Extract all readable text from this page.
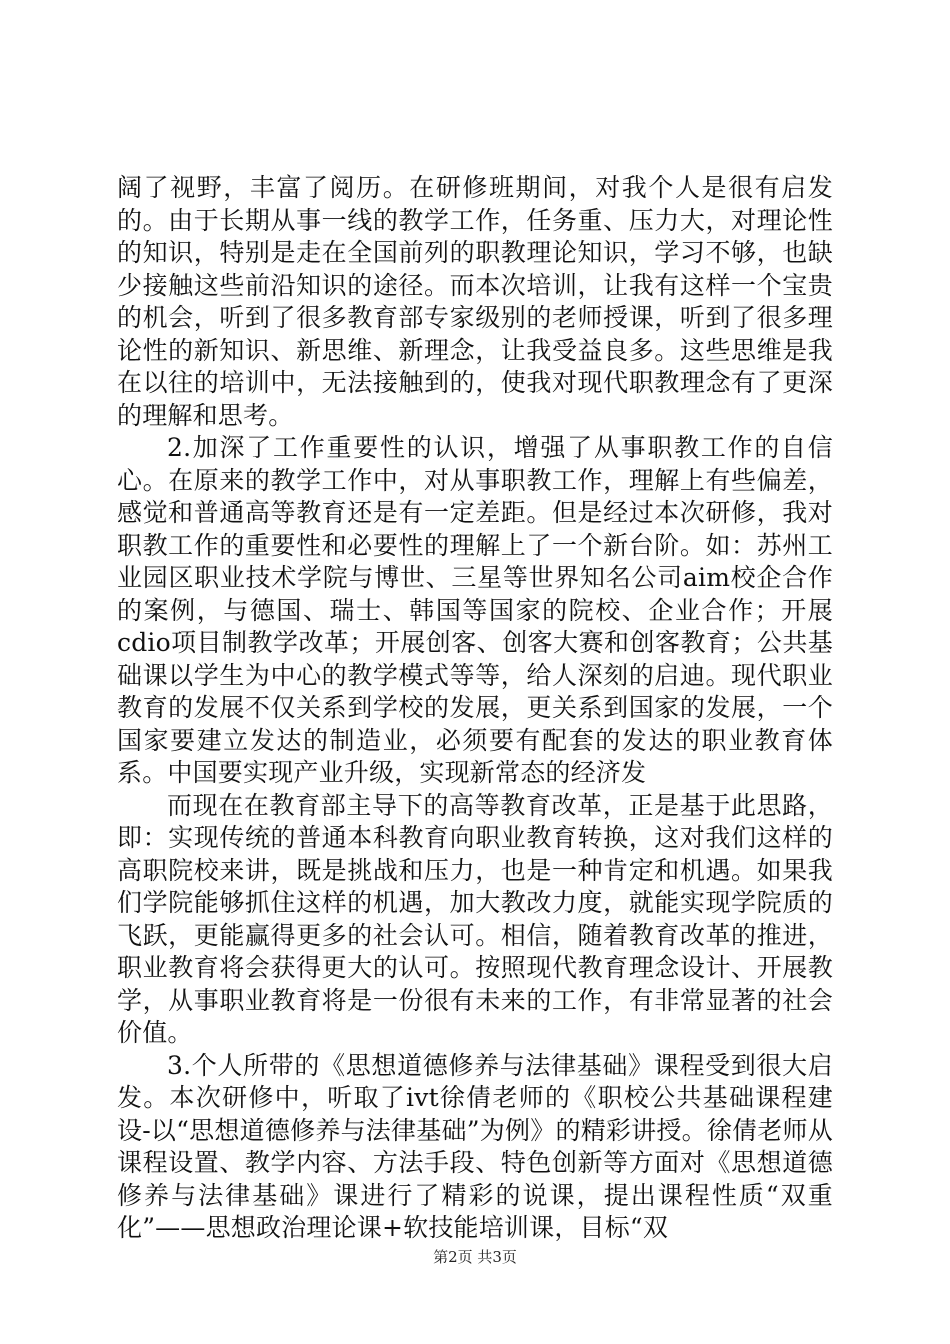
阔了视野，丰富了阅历。在研修班期间，对我个人是很有启发的。由于长期从事一线的教学工作，任务重、压力大，对理论性的知识，特别是走在全国前列的职教理论知识，学习不够，也缺少接触这些前沿知识的途径。而本次培训，让我有这样一个宝贵的机会，听到了很多教育部专家级别的老师授课，听到了很多理论性的新知识、新思维、新理念，让我受益良多。这些思维是我在以往的培训中，无法接触到的，使我对现代职教理念有了更深的理解和思考。

2.加深了工作重要性的认识，增强了从事职教工作的自信心。在原来的教学工作中，对从事职教工作，理解上有些偏差，感觉和普通高等教育还是有一定差距。但是经过本次研修，我对职教工作的重要性和必要性的理解上了一个新台阶。如：苏州工业园区职业技术学院与博世、三星等世界知名公司aim校企合作的案例，与德国、瑞士、韩国等国家的院校、企业合作；开展cdio项目制教学改革；开展创客、创客大赛和创客教育；公共基础课以学生为中心的教学模式等等，给人深刻的启迪。现代职业教育的发展不仅关系到学校的发展，更关系到国家的发展，一个国家要建立发达的制造业，必须要有配套的发达的职业教育体系。中国要实现产业升级，实现新常态的经济发

而现在在教育部主导下的高等教育改革，正是基于此思路，即：实现传统的普通本科教育向职业教育转换，这对我们这样的高职院校来讲，既是挑战和压力，也是一种肯定和机遇。如果我们学院能够抓住这样的机遇，加大教改力度，就能实现学院质的飞跃，更能赢得更多的社会认可。相信，随着教育改革的推进，职业教育将会获得更大的认可。按照现代教育理念设计、开展教学，从事职业教育将是一份很有未来的工作，有非常显著的社会价值。

3.个人所带的《思想道德修养与法律基础》课程受到很大启发。本次研修中，听取了ivt徐倩老师的《职校公共基础课程建设-以“思想道德修养与法律基础”为例》的精彩讲授。徐倩老师从课程设置、教学内容、方法手段、特色创新等方面对《思想道德修养与法律基础》课进行了精彩的说课，提出课程性质“双重化”——思想政治理论课+软技能培训课，目标“双

第2页 共3页
